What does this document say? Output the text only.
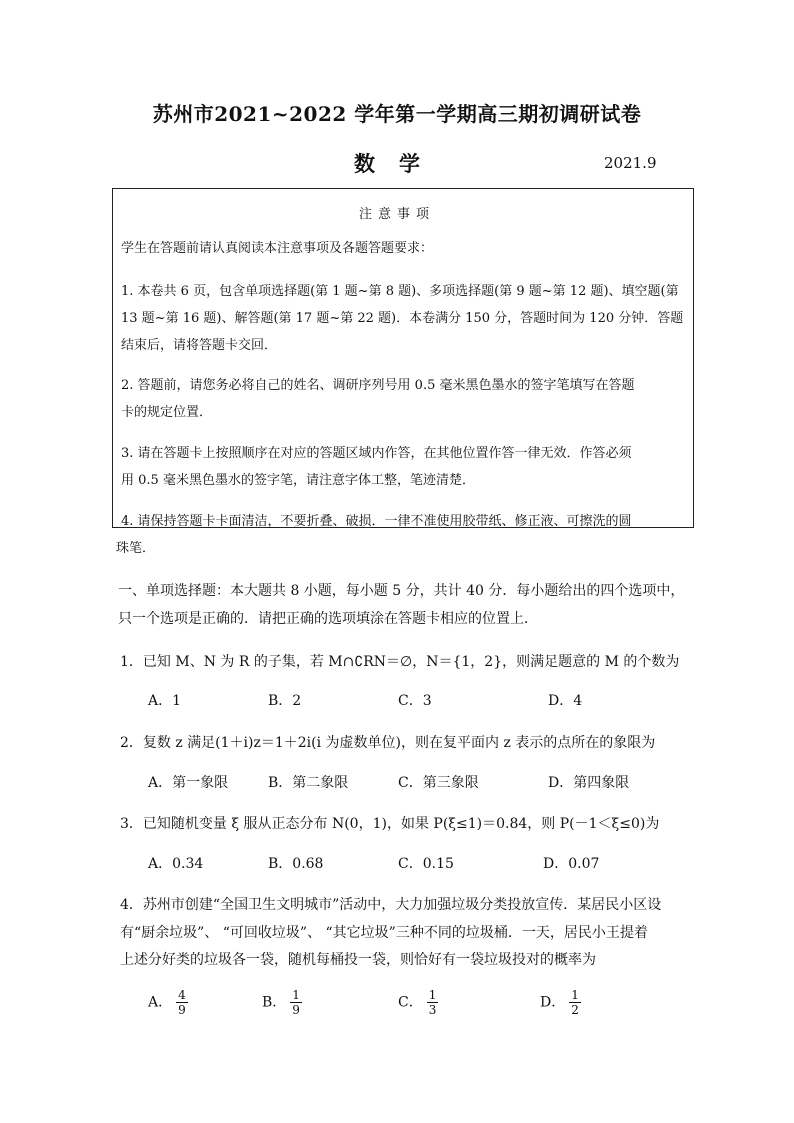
苏州市2021~2022 学年第一学期高三期初调研试卷
数学	2021.9
注意事项
学生在答题前请认真阅读本注意事项及各题答题要求：
1. 本卷共 6 页，包含单项选择题(第 1 题~第 8 题)、多项选择题(第 9 题~第 12 题)、填空题(第
13 题~第 16 题)、解答题(第 17 题~第 22 题)．本卷满分 150 分，答题时间为 120 分钟．答题
结束后，请将答题卡交回．
2. 答题前，请您务必将自己的姓名、调研序列号用 0.5 毫米黑色墨水的签字笔填写在答题
卡的规定位置．
3. 请在答题卡上按照顺序在对应的答题区域内作答，在其他位置作答一律无效．作答必须
用 0.5 毫米黑色墨水的签字笔，请注意字体工整，笔迹清楚．
4. 请保持答题卡卡面清洁，不要折叠、破损．一律不准使用胶带纸、修正液、可擦洗的圆
珠笔．
一、单项选择题：本大题共 8 小题，每小题 5 分，共计 40 分．每小题给出的四个选项中，
只一个选项是正确的．请把正确的选项填涂在答题卡相应的位置上．
1．已知 M、N 为 R 的子集，若 M∩∁RN＝∅，N＝{1，2}，则满足题意的 M 的个数为
A．1	B．2	C．3	D．4
2．复数 z 满足(1＋i)z＝1＋2i(i 为虚数单位)，则在复平面内 z 表示的点所在的象限为
A．第一象限	B．第二象限	C．第三象限	D．第四象限
3．已知随机变量 ξ 服从正态分布 N(0，1)，如果 P(ξ≤1)＝0.84，则 P(－1＜ξ≤0)为
A．0.34	B．0.68	C．0.15	D．0.07
4．苏州市创建“全国卫生文明城市”活动中，大力加强垃圾分类投放宣传．某居民小区设
有“厨余垃圾”、 “可回收垃圾”、 “其它垃圾”三种不同的垃圾桶．一天，居民小王提着
上述分好类的垃圾各一袋，随机每桶投一袋，则恰好有一袋垃圾投对的概率为
A． $\frac{4}{9}$	B． $\frac{1}{9}$	C． $\frac{1}{3}$	D． $\frac{1}{2}$
